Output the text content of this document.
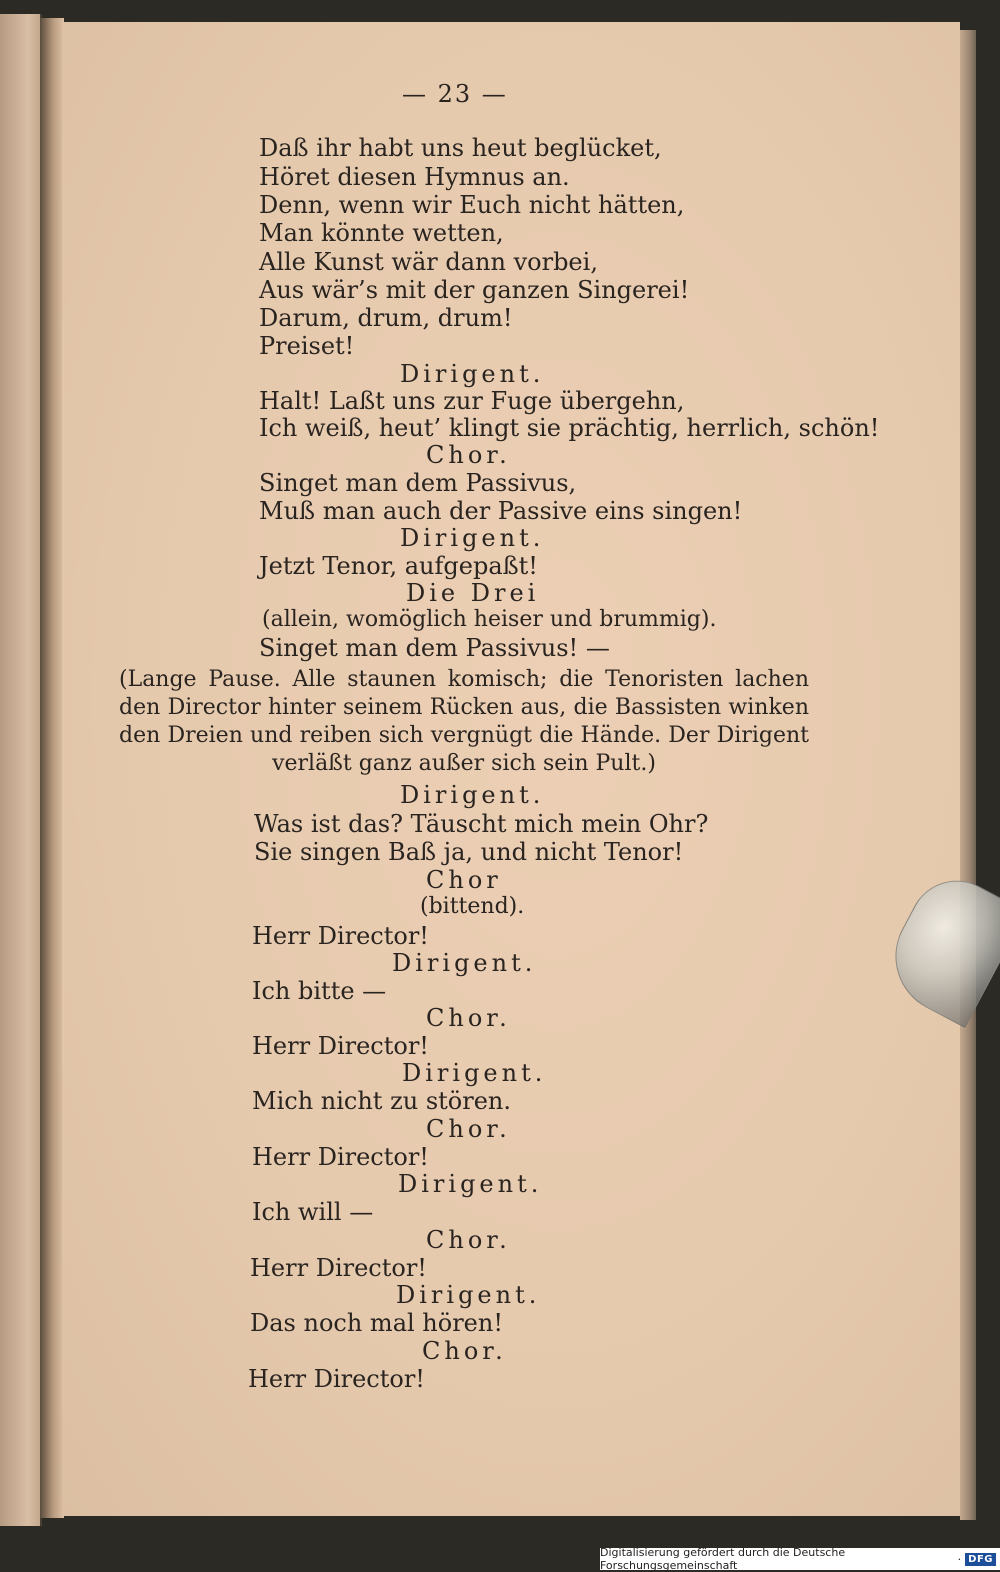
— 23 —
Daß ihr habt uns heut beglücket,
Höret diesen Hymnus an.
Denn, wenn wir Euch nicht hätten,
Man könnte wetten,
Alle Kunst wär dann vorbei,
Aus wär’s mit der ganzen Singerei!
Darum, drum, drum!
Preiset!
Dirigent.
Halt! Laßt uns zur Fuge übergehn,
Ich weiß, heut’ klingt sie prächtig, herrlich, schön!
Chor.
Singet man dem Passivus,
Muß man auch der Passive eins singen!
Dirigent.
Jetzt Tenor, aufgepaßt!
Die Drei
(allein, womöglich heiser und brummig).
Singet man dem Passivus! —
(Lange Pause. Alle staunen komisch; die Tenoristen lachen den Director hinter seinem Rücken aus, die Bassisten winken den Dreien und reiben sich vergnügt die Hände. Der Dirigent verläßt ganz außer sich sein Pult.)
Dirigent.
Was ist das? Täuscht mich mein Ohr?
Sie singen Baß ja, und nicht Tenor!
Chor
(bittend).
Herr Director!
Dirigent.
Ich bitte —
Chor.
Herr Director!
Dirigent.
Mich nicht zu stören.
Chor.
Herr Director!
Dirigent.
Ich will —
Chor.
Herr Director!
Dirigent.
Das noch mal hören!
Chor.
Herr Director!
Digitalisierung gefördert durch die Deutsche Forschungsgemeinschaft	· DFG
